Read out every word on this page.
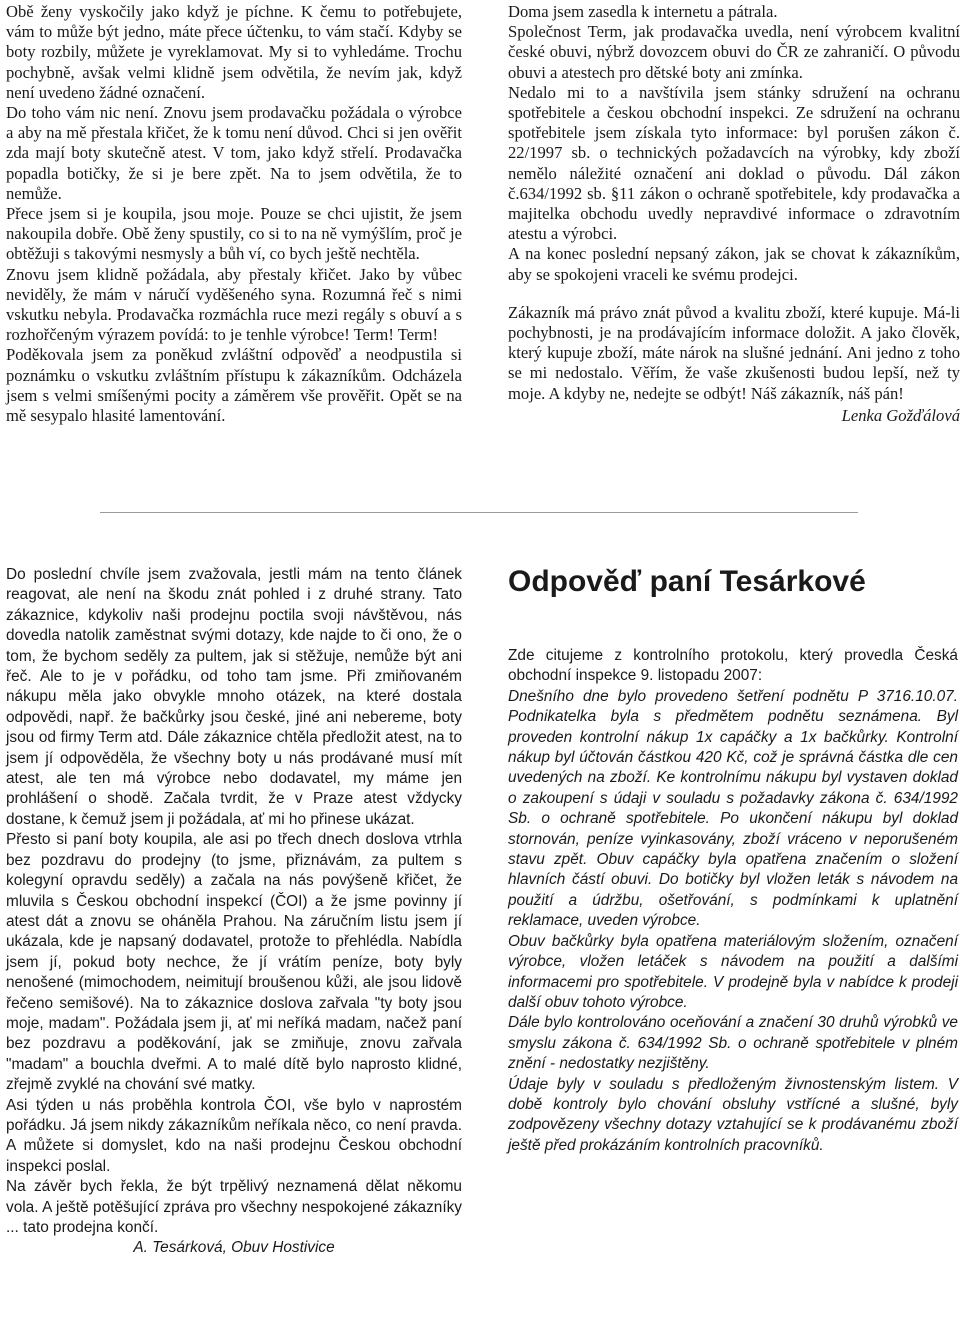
Obě ženy vyskočily jako když je píchne. K čemu to potřebujete, vám to může být jedno, máte přece účtenku, to vám stačí. Kdyby se boty rozbily, můžete je vyreklamovat. My si to vyhledáme. Trochu pochybně, avšak velmi klidně jsem odvětila, že nevím jak, když není uvedeno žádné označení.

Do toho vám nic není. Znovu jsem prodavačku požádala o výrobce a aby na mě přestala křičet, že k tomu není důvod. Chci si jen ověřit zda mají boty skutečně atest. V tom, jako když střelí. Prodavačka popadla botičky, že si je bere zpět. Na to jsem odvětila, že to nemůže.

Přece jsem si je koupila, jsou moje. Pouze se chci ujistit, že jsem nakoupila dobře. Obě ženy spustily, co si to na ně vymýšlím, proč je obtěžuji s takovými nesmysly a bůh ví, co bych ještě nechtěla.

Znovu jsem klidně požádala, aby přestaly křičet. Jako by vůbec neviděly, že mám v náručí vyděšeného syna. Rozumná řeč s nimi vskutku nebyla. Prodavačka rozmáchla ruce mezi regály s obuví a s rozhořčeným výrazem povídá: to je tenhle výrobce! Term! Term!

Poděkovala jsem za poněkud zvláštní odpověď a neodpustila si poznámku o vskutku zvláštním přístupu k zákazníkům. Odcházela jsem s velmi smíšenými pocity a záměrem vše prověřit. Opět se na mě sesypalo hlasité lamentování.

Doma jsem zasedla k internetu a pátrala.

Společnost Term, jak prodavačka uvedla, není výrobcem kvalitní české obuvi, nýbrž dovozcem obuvi do ČR ze zahraničí. O původu obuvi a atestech pro dětské boty ani zmínka.

Nedalo mi to a navštívila jsem stánky sdružení na ochranu spotřebitele a českou obchodní inspekci. Ze sdružení na ochranu spotřebitele jsem získala tyto informace: byl porušen zákon č. 22/1997 sb. o technických požadavcích na výrobky, kdy zboží nemělo náležité označení ani doklad o původu. Dál zákon č.634/1992 sb. §11 zákon o ochraně spotřebitele, kdy prodavačka a majitelka obchodu uvedly nepravdivé informace o zdravotním atestu a výrobci.

A na konec poslední nepsaný zákon, jak se chovat k zákazníkům, aby se spokojeni vraceli ke svému prodejci.

Zákazník má právo znát původ a kvalitu zboží, které kupuje. Má-li pochybnosti, je na prodávajícím informace doložit. A jako člověk, který kupuje zboží, máte nárok na slušné jednání. Ani jedno z toho se mi nedostalo. Věřím, že vaše zkušenosti budou lepší, než ty moje. A kdyby ne, nedejte se odbýt! Náš zákazník, náš pán!

Lenka Gožďálová

Do poslední chvíle jsem zvažovala, jestli mám na tento článek reagovat, ale není na škodu znát pohled i z druhé strany. Tato zákaznice, kdykoliv naši prodejnu poctila svoji návštěvou, nás dovedla natolik zaměstnat svými dotazy, kde najde to či ono, že o tom, že bychom seděly za pultem, jak si stěžuje, nemůže být ani řeč. Ale to je v pořádku, od toho tam jsme. Při zmiňovaném nákupu měla jako obvykle mnoho otázek, na které dostala odpovědi, např. že bačkůrky jsou české, jiné ani nebereme, boty jsou od firmy Term atd. Dále zákaznice chtěla předložit atest, na to jsem jí odpověděla, že všechny boty u nás prodávané musí mít atest, ale ten má výrobce nebo dodavatel, my máme jen prohlášení o shodě. Začala tvrdit, že v Praze atest vždycky dostane, k čemuž jsem ji požádala, ať mi ho přinese ukázat.

Přesto si paní boty koupila, ale asi po třech dnech doslova vtrhla bez pozdravu do prodejny (to jsme, přiznávám, za pultem s kolegyní opravdu seděly) a začala na nás povýšeně křičet, že mluvila s Českou obchodní inspekcí (ČOI) a že jsme povinny jí atest dát a znovu se oháněla Prahou. Na záručním listu jsem jí ukázala, kde je napsaný dodavatel, protože to přehlédla. Nabídla jsem jí, pokud boty nechce, že jí vrátím peníze, boty byly nenošené (mimochodem, neimitují broušenou kůži, ale jsou lidově řečeno semišové). Na to zákaznice doslova zařvala "ty boty jsou moje, madam". Požádala jsem ji, ať mi neříká madam, načež paní bez pozdravu a poděkování, jak se zmiňuje, znovu zařvala "madam" a bouchla dveřmi. A to malé dítě bylo naprosto klidné, zřejmě zvyklé na chování své matky.

Asi týden u nás proběhla kontrola ČOI, vše bylo v naprostém pořádku. Já jsem nikdy zákazníkům neříkala něco, co není pravda. A můžete si domyslet, kdo na naši prodejnu Českou obchodní inspekci poslal.

Na závěr bych řekla, že být trpělivý neznamená dělat někomu vola. A ještě potěšující zpráva pro všechny nespokojené zákazníky ... tato prodejna končí.

A. Tesárková, Obuv Hostivice

Odpověď paní Tesárkové

Zde citujeme z kontrolního protokolu, který provedla Česká obchodní inspekce 9. listopadu 2007:

Dnešního dne bylo provedeno šetření podnětu P 3716.10.07. Podnikatelka byla s předmětem podnětu seznámena. Byl proveden kontrolní nákup 1x capáčky a 1x bačkůrky. Kontrolní nákup byl účtován částkou 420 Kč, což je správná částka dle cen uvedených na zboží. Ke kontrolnímu nákupu byl vystaven doklad o zakoupení s údaji v souladu s požadavky zákona č. 634/1992 Sb. o ochraně spotřebitele. Po ukončení nákupu byl doklad stornován, peníze vyinkasovány, zboží vráceno v neporušeném stavu zpět. Obuv capáčky byla opatřena značením o složení hlavních částí obuvi. Do botičky byl vložen leták s návodem na použití a údržbu, ošetřování, s podmínkami k uplatnění reklamace, uveden výrobce.

Obuv bačkůrky byla opatřena materiálovým složením, označení výrobce, vložen letáček s návodem na použití a dalšími informacemi pro spotřebitele. V prodejně byla v nabídce k prodeji další obuv tohoto výrobce.

Dále bylo kontrolováno oceňování a značení 30 druhů výrobků ve smyslu zákona č. 634/1992 Sb. o ochraně spotřebitele v plném znění - nedostatky nezjištěny.

Údaje byly v souladu s předloženým živnostenským listem. V době kontroly bylo chování obsluhy vstřícné a slušné, byly zodpovězeny všechny dotazy vztahující se k prodávanému zboží ještě před prokázáním kontrolních pracovníků.
